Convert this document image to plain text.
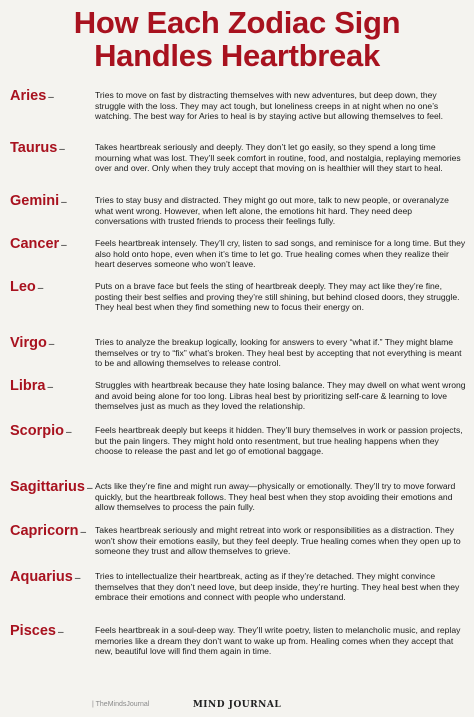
How Each Zodiac Sign
Handles Heartbreak
Aries –	Tries to move on fast by distracting themselves with new adventures, but deep down, they struggle with the loss. They may act tough, but loneliness creeps in at night when no one’s watching. The best way for Aries to heal is by staying active but allowing themselves to feel.
Taurus –	Takes heartbreak seriously and deeply. They don’t let go easily, so they spend a long time mourning what was lost. They’ll seek comfort in routine, food, and nostalgia, replaying memories over and over. Only when they truly accept that moving on is healthier will they start to heal.
Gemini –	Tries to stay busy and distracted. They might go out more, talk to new people, or overanalyze what went wrong. However, when left alone, the emotions hit hard. They need deep conversations with trusted friends to process their feelings fully.
Cancer –	Feels heartbreak intensely. They’ll cry, listen to sad songs, and reminisce for a long time. But they also hold onto hope, even when it’s time to let go. True healing comes when they realize their heart deserves someone who won’t leave.
Leo –	Puts on a brave face but feels the sting of heartbreak deeply. They may act like they’re fine, posting their best selfies and proving they’re still shining, but behind closed doors, they struggle. They heal best when they find something new to focus their energy on.
Virgo –	Tries to analyze the breakup logically, looking for answers to every “what if.” They might blame themselves or try to “fix” what’s broken. They heal best by accepting that not everything is meant to be and allowing themselves to release control.
Libra –	Struggles with heartbreak because they hate losing balance. They may dwell on what went wrong and avoid being alone for too long. Libras heal best by prioritizing self-care & learning to love themselves just as much as they loved the relationship.
Scorpio –	Feels heartbreak deeply but keeps it hidden. They’ll bury themselves in work or passion projects, but the pain lingers. They might hold onto resentment, but true healing happens when they choose to release the past and let go of emotional baggage.
Sagittarius – Acts like they’re fine and might run away—physically or emotionally. They’ll try to move forward quickly, but the heartbreak follows. They heal best when they stop avoiding their emotions and allow themselves to process the pain fully.
Capricorn –	Takes heartbreak seriously and might retreat into work or responsibilities as a distraction. They won’t show their emotions easily, but they feel deeply. True healing comes when they open up to someone they trust and allow themselves to grieve.
Aquarius –	Tries to intellectualize their heartbreak, acting as if they’re detached. They might convince themselves that they don’t need love, but deep inside, they’re hurting. They heal best when they embrace their emotions and connect with people who understand.
Pisces –	Feels heartbreak in a soul-deep way. They’ll write poetry, listen to melancholic music, and replay memories like a dream they don’t want to wake up from. Healing comes when they accept that new, beautiful love will find them again in time.
| TheMindsJournal	MIND JOURNAL
